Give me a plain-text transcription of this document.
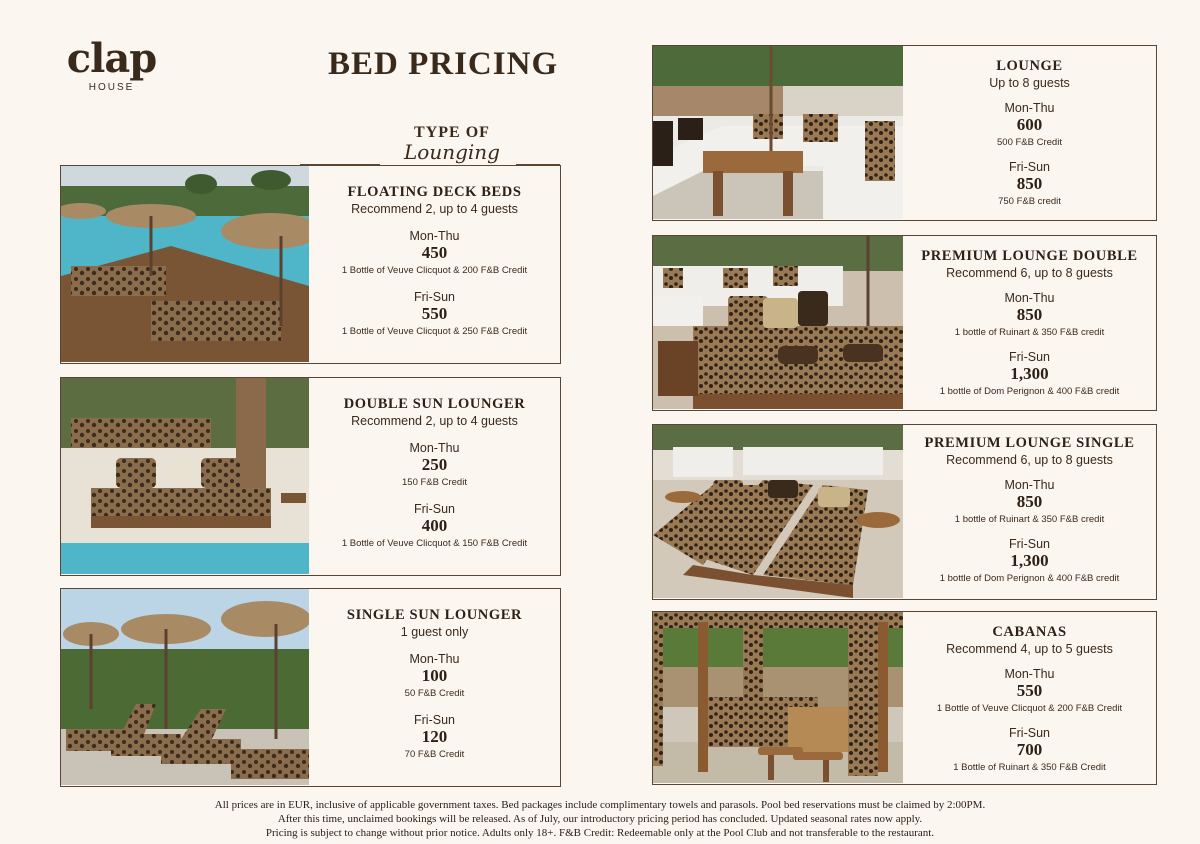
clap
HOUSE
BED PRICING
TYPE OF
Lounging
FLOATING DECK BEDS
Recommend 2, up to 4 guests
Mon-Thu
450
1 Bottle of Veuve Clicquot & 200 F&B Credit
Fri-Sun
550
1 Bottle of Veuve Clicquot & 250 F&B Credit
DOUBLE SUN LOUNGER
Recommend 2, up to 4 guests
Mon-Thu
250
150 F&B Credit
Fri-Sun
400
1 Bottle of Veuve Clicquot & 150 F&B Credit
SINGLE SUN LOUNGER
1 guest only
Mon-Thu
100
50 F&B Credit
Fri-Sun
120
70 F&B Credit
LOUNGE
Up to 8 guests
Mon-Thu
600
500 F&B Credit
Fri-Sun
850
750 F&B credit
PREMIUM LOUNGE DOUBLE
Recommend 6, up to 8 guests
Mon-Thu
850
1 bottle of Ruinart & 350 F&B credit
Fri-Sun
1,300
1 bottle of Dom Perignon & 400 F&B credit
PREMIUM LOUNGE SINGLE
Recommend 6, up to 8 guests
Mon-Thu
850
1 bottle of Ruinart & 350 F&B credit
Fri-Sun
1,300
1 bottle of Dom Perignon & 400 F&B credit
CABANAS
Recommend 4, up to 5 guests
Mon-Thu
550
1 Bottle of Veuve Clicquot & 200 F&B Credit
Fri-Sun
700
1 Bottle of Ruinart & 350 F&B Credit
All prices are in EUR, inclusive of applicable government taxes. Bed packages include complimentary towels and parasols. Pool bed reservations must be claimed by 2:00PM.
After this time, unclaimed bookings will be released. As of July, our introductory pricing period has concluded. Updated seasonal rates now apply.
Pricing is subject to change without prior notice. Adults only 18+. F&B Credit: Redeemable only at the Pool Club and not transferable to the restaurant.
